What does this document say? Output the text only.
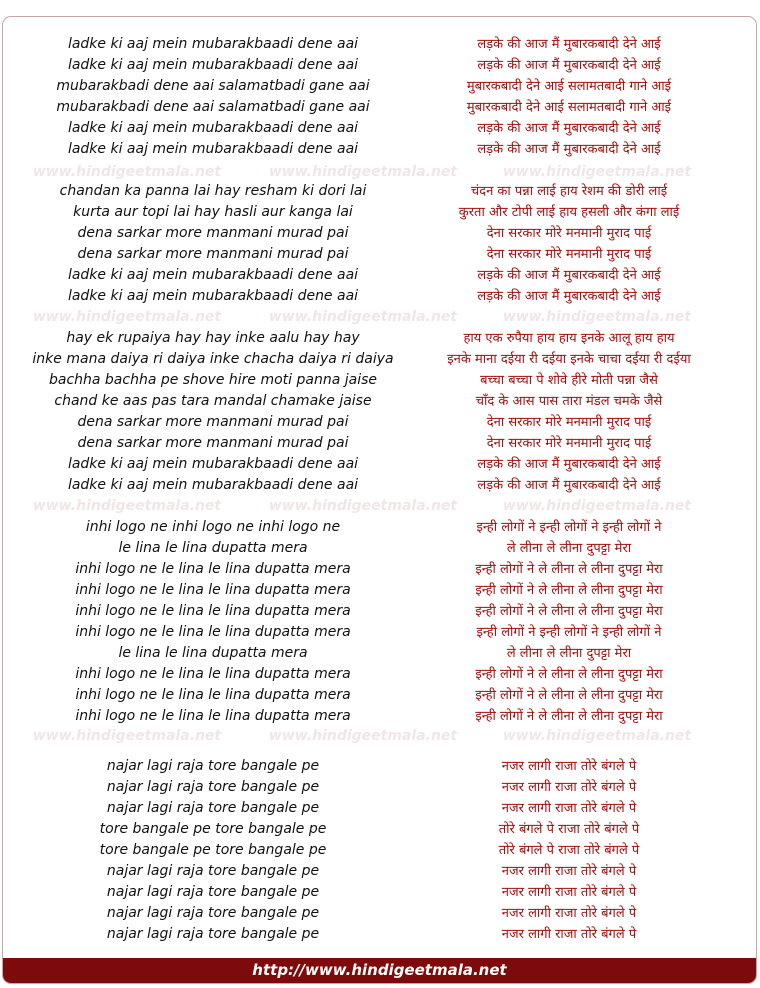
ladke ki aaj mein mubarakbaadi dene aai	लड़के की आज मैं मुबारकबादी देने आई
ladke ki aaj mein mubarakbaadi dene aai	लड़के की आज मैं मुबारकबादी देने आई
mubarakbadi dene aai salamatbadi gane aai	मुबारकबादी देने आई सलामतबादी गाने आई
mubarakbadi dene aai salamatbadi gane aai	मुबारकबादी देने आई सलामतबादी गाने आई
ladke ki aaj mein mubarakbaadi dene aai	लड़के की आज मैं मुबारकबादी देने आई
ladke ki aaj mein mubarakbaadi dene aai	लड़के की आज मैं मुबारकबादी देने आई
chandan ka panna lai hay resham ki dori lai	चंदन का पन्ना लाई हाय रेशम की डोरी लाई
kurta aur topi lai hay hasli aur kanga lai	कुरता और टोपी लाई हाय हसली और कंगा लाई
dena sarkar more manmani murad pai	देना सरकार मोरे मनमानी मुराद पाई
dena sarkar more manmani murad pai	देना सरकार मोरे मनमानी मुराद पाई
ladke ki aaj mein mubarakbaadi dene aai	लड़के की आज मैं मुबारकबादी देने आई
ladke ki aaj mein mubarakbaadi dene aai	लड़के की आज मैं मुबारकबादी देने आई
hay ek rupaiya hay hay inke aalu hay hay	हाय एक रुपैया हाय हाय इनके आलू हाय हाय
inke mana daiya ri daiya inke chacha daiya ri daiya	इनके माना दईया री दईया इनके चाचा दईया री दईया
bachha bachha pe shove hire moti panna jaise	बच्चा बच्चा पे शोवे हीरे मोती पन्ना जैसे
chand ke aas pas tara mandal chamake jaise	चाँद के आस पास तारा मंडल चमके जैसे
dena sarkar more manmani murad pai	देना सरकार मोरे मनमानी मुराद पाई
dena sarkar more manmani murad pai	देना सरकार मोरे मनमानी मुराद पाई
ladke ki aaj mein mubarakbaadi dene aai	लड़के की आज मैं मुबारकबादी देने आई
ladke ki aaj mein mubarakbaadi dene aai	लड़के की आज मैं मुबारकबादी देने आई
inhi logo ne inhi logo ne inhi logo ne	इन्ही लोगों ने इन्ही लोगों ने इन्ही लोगों ने
le lina le lina dupatta mera	ले लीना ले लीना दुपट्टा मेरा
inhi logo ne le lina le lina dupatta mera	इन्ही लोगों ने ले लीना ले लीना दुपट्टा मेरा
inhi logo ne le lina le lina dupatta mera	इन्ही लोगों ने ले लीना ले लीना दुपट्टा मेरा
inhi logo ne le lina le lina dupatta mera	इन्ही लोगों ने ले लीना ले लीना दुपट्टा मेरा
inhi logo ne le lina le lina dupatta mera	इन्ही लोगों ने इन्ही लोगों ने इन्ही लोगों ने
le lina le lina dupatta mera	ले लीना ले लीना दुपट्टा मेरा
inhi logo ne le lina le lina dupatta mera	इन्ही लोगों ने ले लीना ले लीना दुपट्टा मेरा
inhi logo ne le lina le lina dupatta mera	इन्ही लोगों ने ले लीना ले लीना दुपट्टा मेरा
inhi logo ne le lina le lina dupatta mera	इन्ही लोगों ने ले लीना ले लीना दुपट्टा मेरा
najar lagi raja tore bangale pe	नजर लागी राजा तोरे बंगले पे
najar lagi raja tore bangale pe	नजर लागी राजा तोरे बंगले पे
najar lagi raja tore bangale pe	नजर लागी राजा तोरे बंगले पे
tore bangale pe tore bangale pe	तोरे बंगले पे राजा तोरे बंगले पे
tore bangale pe tore bangale pe	तोरे बंगले पे राजा तोरे बंगले पे
najar lagi raja tore bangale pe	नजर लागी राजा तोरे बंगले पे
najar lagi raja tore bangale pe	नजर लागी राजा तोरे बंगले पे
najar lagi raja tore bangale pe	नजर लागी राजा तोरे बंगले पे
najar lagi raja tore bangale pe	नजर लागी राजा तोरे बंगले पे
www.hindigeetmala.net	www.hindigeetmala.net	www.hindigeetmala.net
www.hindigeetmala.net	www.hindigeetmala.net	www.hindigeetmala.net
www.hindigeetmala.net	www.hindigeetmala.net	www.hindigeetmala.net
www.hindigeetmala.net	www.hindigeetmala.net	www.hindigeetmala.net
http://www.hindigeetmala.net
